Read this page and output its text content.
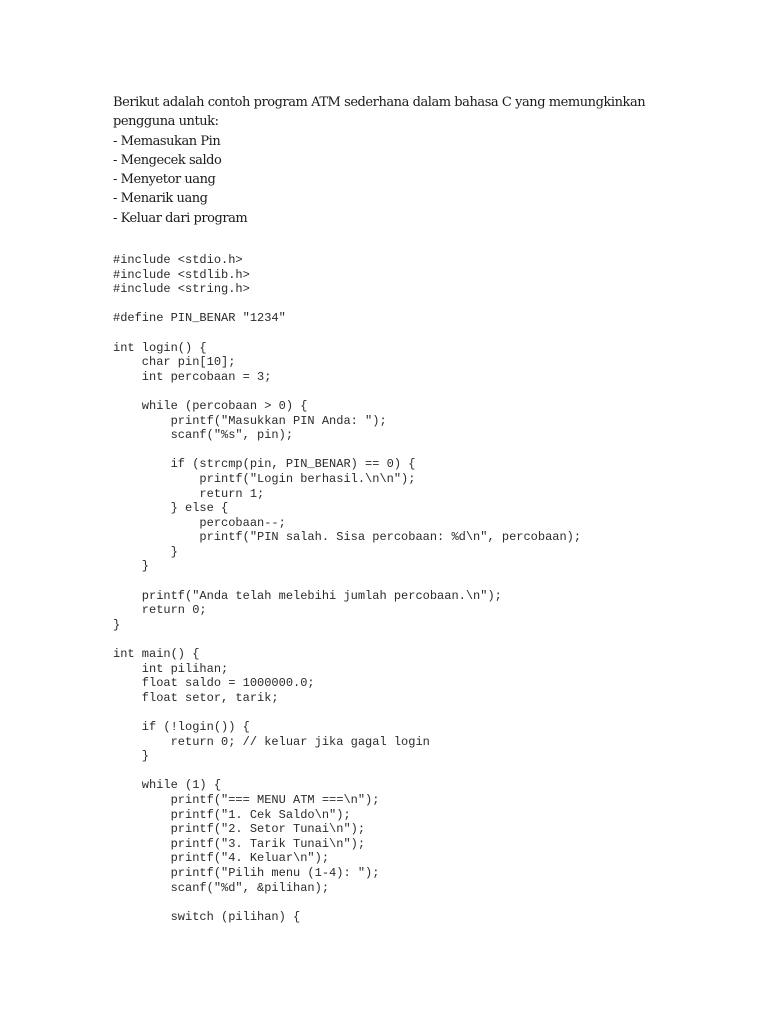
Berikut adalah contoh program ATM sederhana dalam bahasa C yang memungkinkan pengguna untuk:

- Memasukan Pin
- Mengecek saldo
- Menyetor uang
- Menarik uang
- Keluar dari program
#include <stdio.h>
#include <stdlib.h>
#include <string.h>

#define PIN_BENAR "1234"

int login() {
char pin[10];
int percobaan = 3;

while (percobaan > 0) {
printf("Masukkan PIN Anda: ");
scanf("%s", pin);

if (strcmp(pin, PIN_BENAR) == 0) {
printf("Login berhasil.\n\n");
return 1;
} else {
percobaan--;
printf("PIN salah. Sisa percobaan: %d\n", percobaan);
}
}

printf("Anda telah melebihi jumlah percobaan.\n");
return 0;
}

int main() {
int pilihan;
float saldo = 1000000.0;
float setor, tarik;

if (!login()) {
return 0; // keluar jika gagal login
}

while (1) {
printf("=== MENU ATM ===\n");
printf("1. Cek Saldo\n");
printf("2. Setor Tunai\n");
printf("3. Tarik Tunai\n");
printf("4. Keluar\n");
printf("Pilih menu (1-4): ");
scanf("%d", &pilihan);

switch (pilihan) {
